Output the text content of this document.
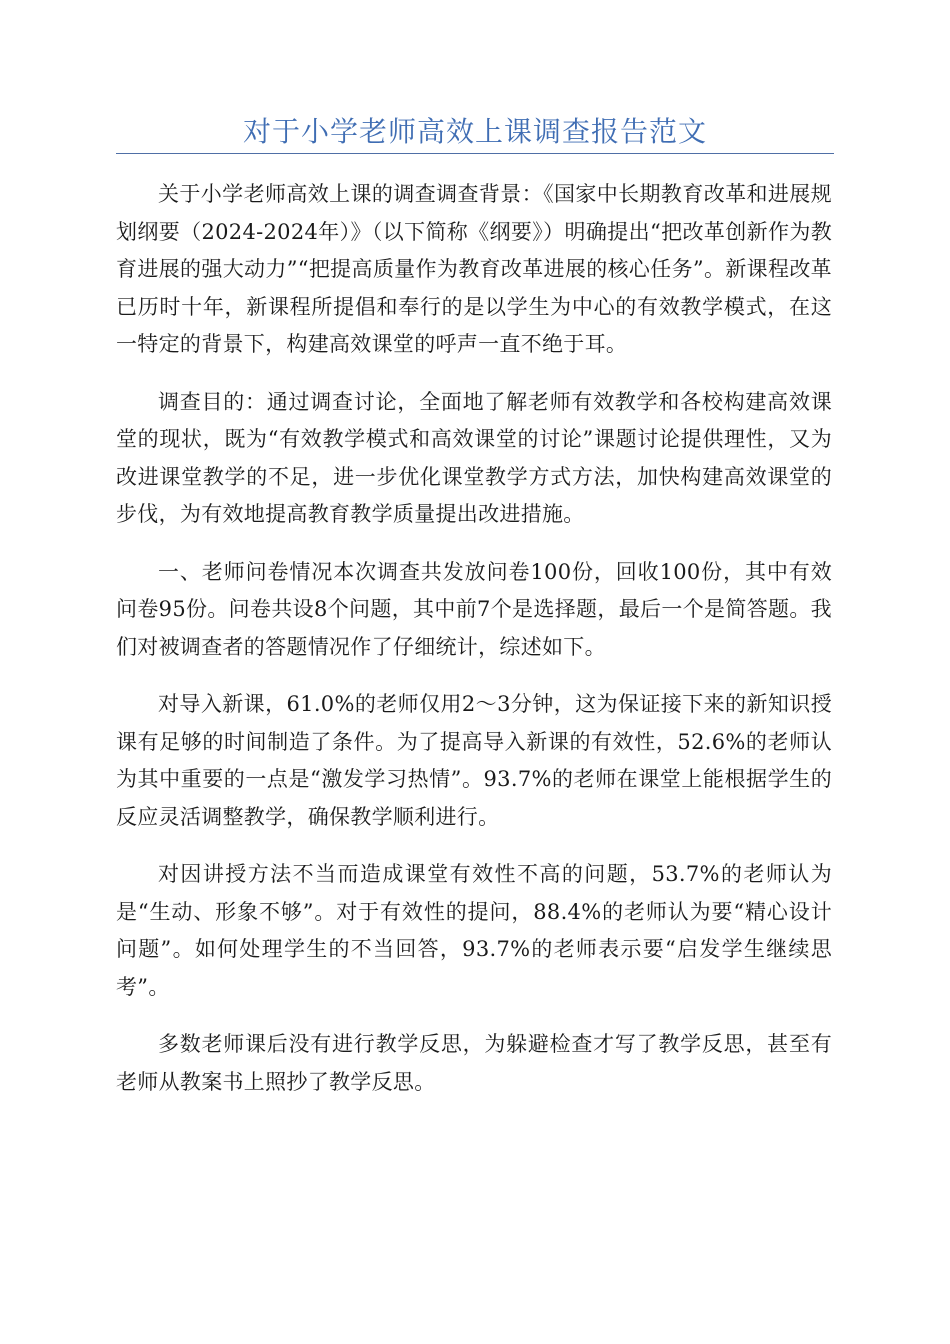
对于小学老师高效上课调查报告范文

关于小学老师高效上课的调查调查背景：《国家中长期教育改革和进展规划纲要（2024-2024年）》（以下简称《纲要》）明确提出“把改革创新作为教育进展的强大动力”“把提高质量作为教育改革进展的核心任务”。新课程改革已历时十年，新课程所提倡和奉行的是以学生为中心的有效教学模式，在这一特定的背景下，构建高效课堂的呼声一直不绝于耳。

调查目的：通过调查讨论，全面地了解老师有效教学和各校构建高效课堂的现状，既为“有效教学模式和高效课堂的讨论”课题讨论提供理性，又为改进课堂教学的不足，进一步优化课堂教学方式方法，加快构建高效课堂的步伐，为有效地提高教育教学质量提出改进措施。

一、老师问卷情况本次调查共发放问卷100份，回收100份，其中有效问卷95份。问卷共设8个问题，其中前7个是选择题，最后一个是简答题。我们对被调查者的答题情况作了仔细统计，综述如下。

对导入新课，61.0%的老师仅用2～3分钟，这为保证接下来的新知识授课有足够的时间制造了条件。为了提高导入新课的有效性，52.6%的老师认为其中重要的一点是“激发学习热情”。93.7%的老师在课堂上能根据学生的反应灵活调整教学，确保教学顺利进行。

对因讲授方法不当而造成课堂有效性不高的问题，53.7%的老师认为是“生动、形象不够”。对于有效性的提问，88.4%的老师认为要“精心设计问题”。如何处理学生的不当回答，93.7%的老师表示要“启发学生继续思考”。

多数老师课后没有进行教学反思，为躲避检查才写了教学反思，甚至有老师从教案书上照抄了教学反思。
